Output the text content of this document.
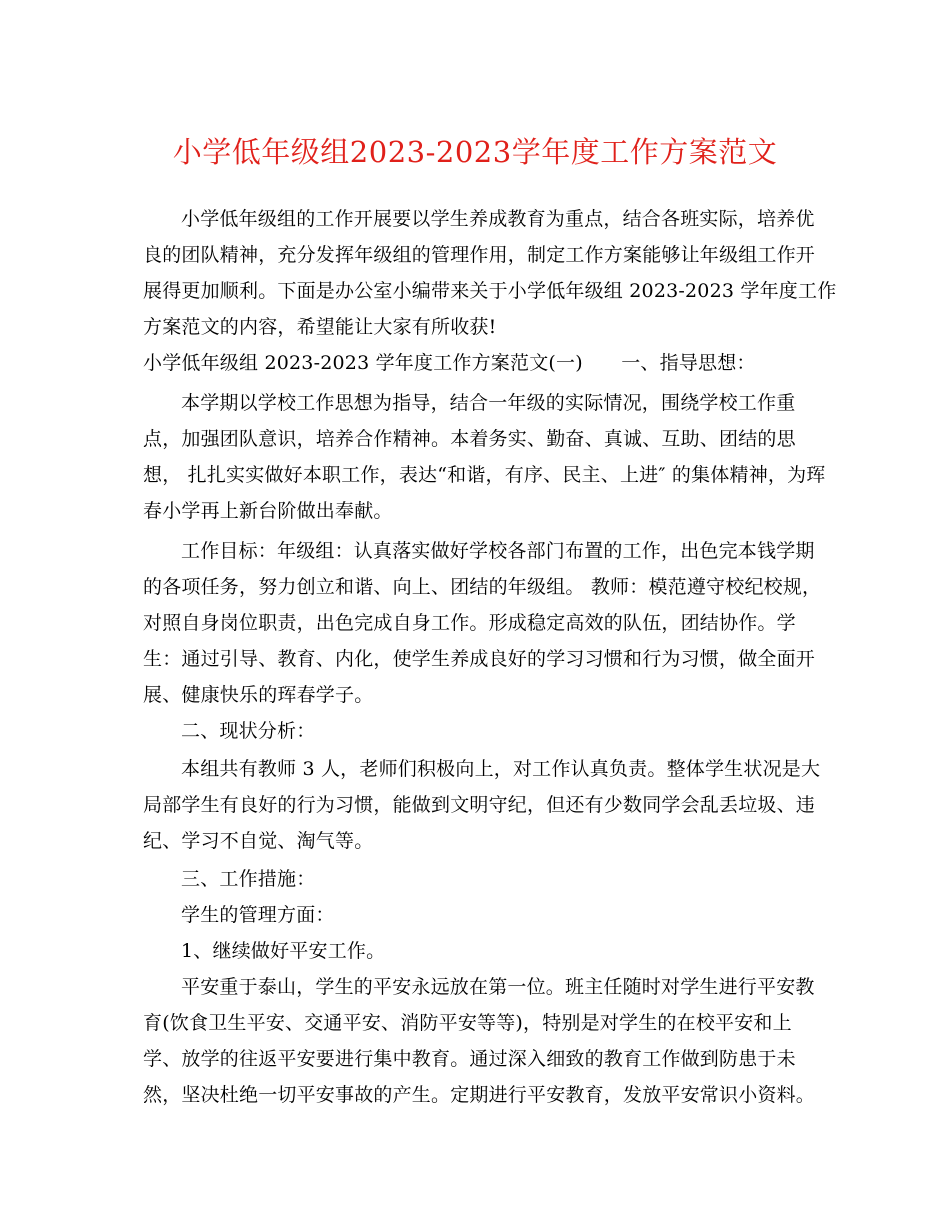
小学低年级组2023-2023学年度工作方案范文
小学低年级组的工作开展要以学生养成教育为重点，结合各班实际，培养优
良的团队精神，充分发挥年级组的管理作用，制定工作方案能够让年级组工作开
展得更加顺利。下面是办公室小编带来关于小学低年级组 2023-2023 学年度工作
方案范文的内容，希望能让大家有所收获!
小学低年级组 2023-2023 学年度工作方案范文(一)　　一、指导思想：
本学期以学校工作思想为指导，结合一年级的实际情况，围绕学校工作重
点，加强团队意识，培养合作精神。本着务实、勤奋、真诚、互助、团结的思
想， 扎扎实实做好本职工作，表达“和谐，有序、民主、上进″ 的集体精神，为珲
春小学再上新台阶做出奉献。
工作目标：年级组：认真落实做好学校各部门布置的工作，出色完本钱学期
的各项任务，努力创立和谐、向上、团结的年级组。 教师：模范遵守校纪校规，
对照自身岗位职责，出色完成自身工作。形成稳定高效的队伍，团结协作。学
生：通过引导、教育、内化，使学生养成良好的学习习惯和行为习惯，做全面开
展、健康快乐的珲春学子。
二、现状分析：
本组共有教师 3 人，老师们积极向上，对工作认真负责。整体学生状况是大
局部学生有良好的行为习惯，能做到文明守纪，但还有少数同学会乱丢垃圾、违
纪、学习不自觉、淘气等。
三、工作措施：
学生的管理方面：
1、继续做好平安工作。
平安重于泰山，学生的平安永远放在第一位。班主任随时对学生进行平安教
育(饮食卫生平安、交通平安、消防平安等等)，特别是对学生的在校平安和上
学、放学的往返平安要进行集中教育。通过深入细致的教育工作做到防患于未
然，坚决杜绝一切平安事故的产生。定期进行平安教育，发放平安常识小资料。
